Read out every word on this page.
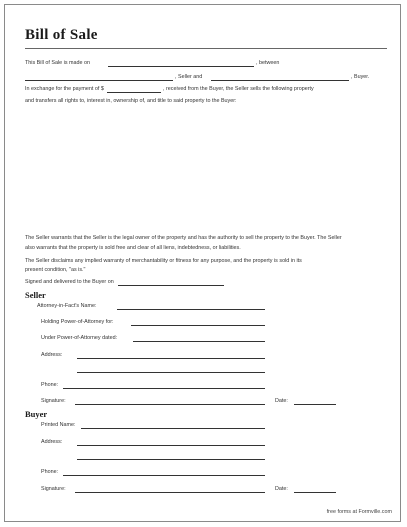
Bill of Sale
This Bill of Sale is made on	, between
, Seller and	, Buyer.
In exchange for the payment of $	, received from the Buyer, the Seller sells the following property
and transfers all rights to, interest in, ownership of, and title to said property to the Buyer:
The Seller warrants that the Seller is the legal owner of the property and has the authority to sell the property to the Buyer. The Seller
also warrants that the property is sold free and clear of all liens, indebtedness, or liabilities.
The Seller disclaims any implied warranty of merchantability or fitness for any purpose, and the property is sold in its
present condition, "as is."
Signed and delivered to the Buyer on
Seller
Attorney-in-Fact's Name:
Holding Power-of-Attorney for:
Under Power-of-Attorney dated:
Address:
Phone:
Signature:	Date:
Buyer
Printed Name:
Address:
Phone:
Signature:	Date:
free forms at Formville.com
